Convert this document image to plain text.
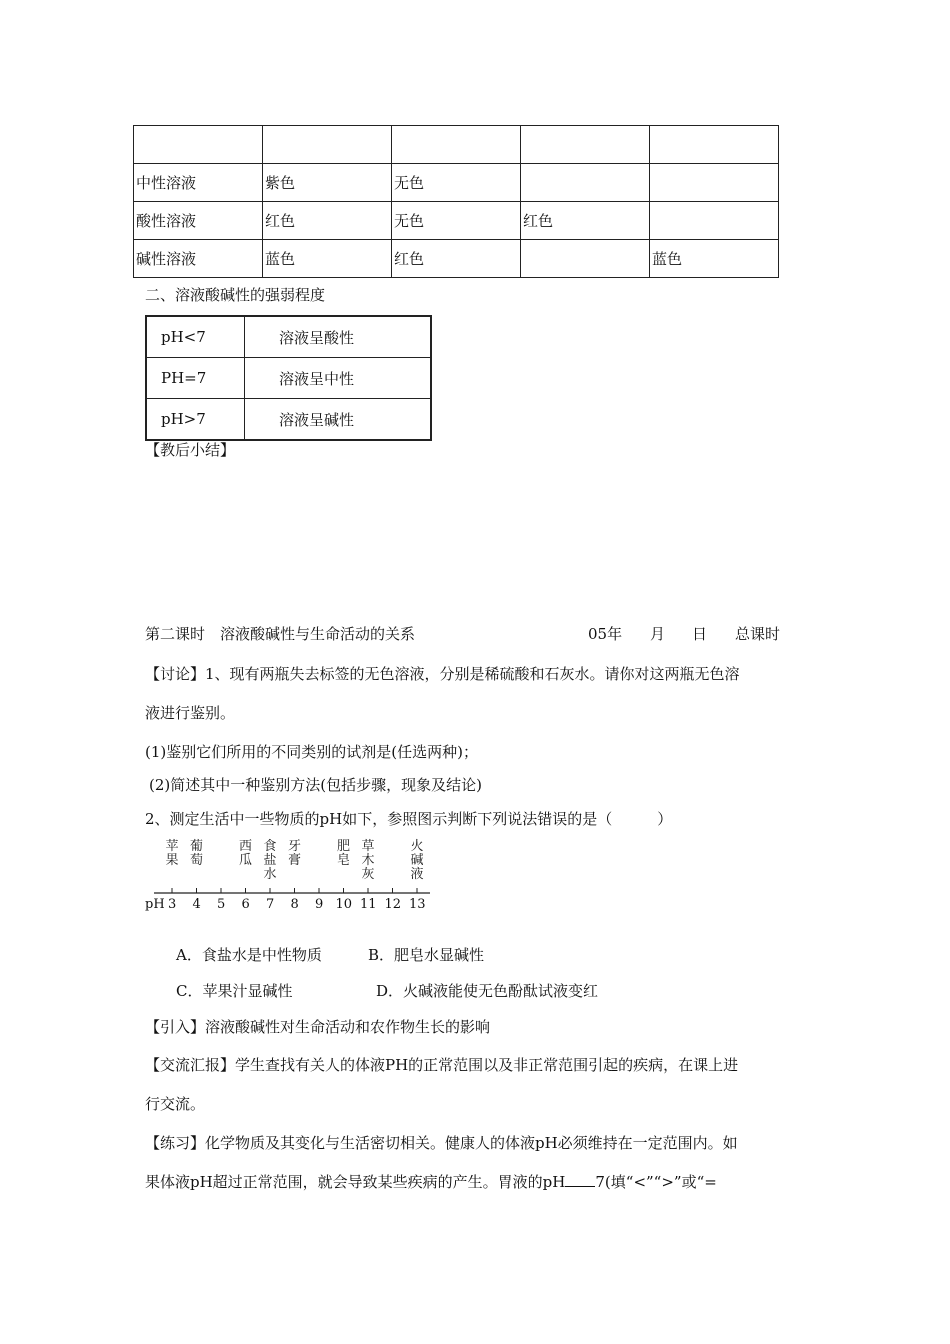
中性溶液	紫色	无色		
酸性溶液	红色	无色	红色	
碱性溶液	蓝色	红色		蓝色
二、溶液酸碱性的强弱程度
pH<7	溶液呈酸性
PH=7	溶液呈中性
pH>7	溶液呈碱性
【教后小结】
第二课时　溶液酸碱性与生命活动的关系	05年 月 日 总课时
【讨论】1、现有两瓶失去标签的无色溶液，分别是稀硫酸和石灰水。请你对这两瓶无色溶
液进行鉴别。
(1)鉴别它们所用的不同类别的试剂是(任选两种)；
(2)简述其中一种鉴别方法(包括步骤，现象及结论)
2、测定生活中一些物质的pH如下，参照图示判断下列说法错误的是（　　　）
pH 3 4 5 6 7 8 9 10 11 12 13
苹
果
葡
萄
西
瓜
食
盐
水
牙
膏
肥
皂
草
木
灰
火
碱
液
A．食盐水是中性物质	B．肥皂水显碱性
C．苹果汁显碱性	D．火碱液能使无色酚酞试液变红
【引入】溶液酸碱性对生命活动和农作物生长的影响
【交流汇报】学生查找有关人的体液PH的正常范围以及非正常范围引起的疾病，在课上进
行交流。
【练习】化学物质及其变化与生活密切相关。健康人的体液pH必须维持在一定范围内。如
果体液pH超过正常范围，就会导致某些疾病的产生。胃液的pH 7(填“<”“>”或“=
